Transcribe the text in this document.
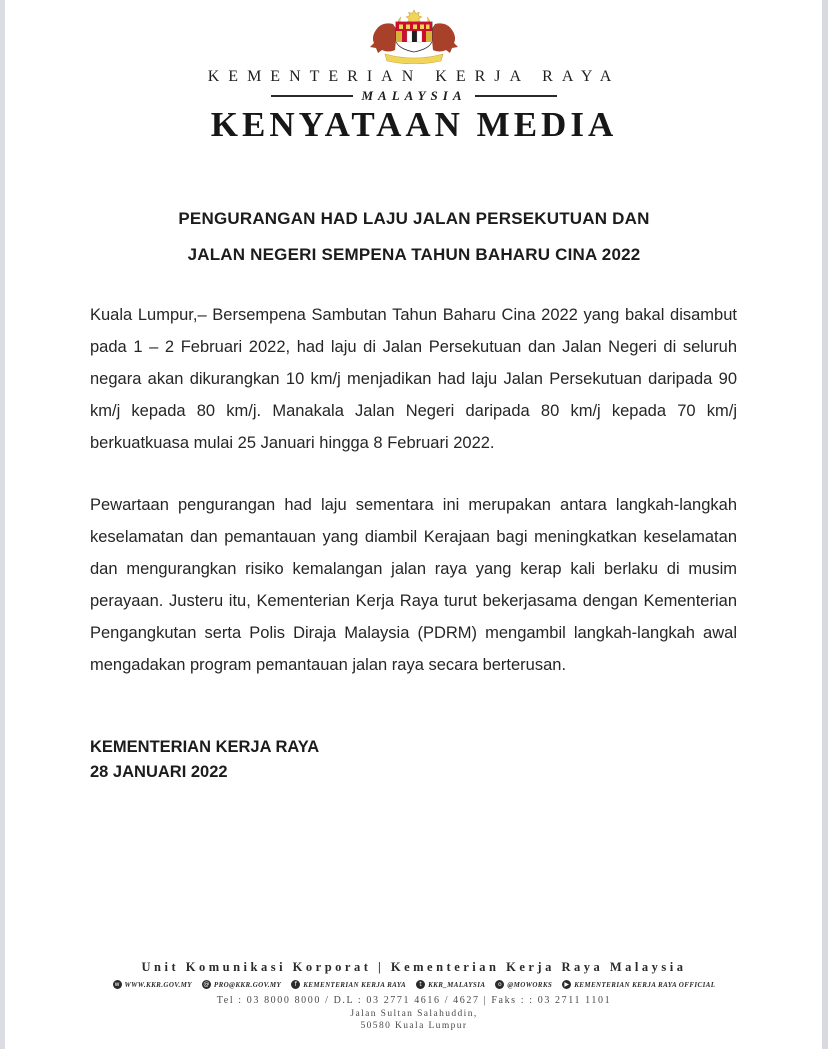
KEMENTERIAN KERJA RAYA
MALAYSIA
KENYATAAN MEDIA
PENGURANGAN HAD LAJU JALAN PERSEKUTUAN DAN
JALAN NEGERI SEMPENA TAHUN BAHARU CINA 2022

Kuala Lumpur,– Bersempena Sambutan Tahun Baharu Cina 2022 yang bakal disambut pada 1 – 2 Februari 2022, had laju di Jalan Persekutuan dan Jalan Negeri di seluruh negara akan dikurangkan 10 km/j menjadikan had laju Jalan Persekutuan daripada 90 km/j kepada 80 km/j. Manakala Jalan Negeri daripada 80 km/j kepada 70 km/j berkuatkuasa mulai 25 Januari hingga 8 Februari 2022.

Pewartaan pengurangan had laju sementara ini merupakan antara langkah-langkah keselamatan dan pemantauan yang diambil Kerajaan bagi meningkatkan keselamatan dan mengurangkan risiko kemalangan jalan raya yang kerap kali berlaku di musim perayaan. Justeru itu, Kementerian Kerja Raya turut bekerjasama dengan Kementerian Pengangkutan serta Polis Diraja Malaysia (PDRM) mengambil langkah-langkah awal mengadakan program pemantauan jalan raya secara berterusan.

KEMENTERIAN KERJA RAYA
28 JANUARI 2022
Unit Komunikasi Korporat | Kementerian Kerja Raya Malaysia
w WWW.KKR.GOV.MY @ PRO@KKR.GOV.MY	f KEMENTERIAN KERJA RAYA	t KKR_MALAYSIA	o @MOWORKS	▶ KEMENTERIAN KERJA RAYA OFFICIAL
Tel : 03 8000 8000 / D.L : 03 2771 4616 / 4627 | Faks : : 03 2711 1101
Jalan Sultan Salahuddin,
50580 Kuala Lumpur
